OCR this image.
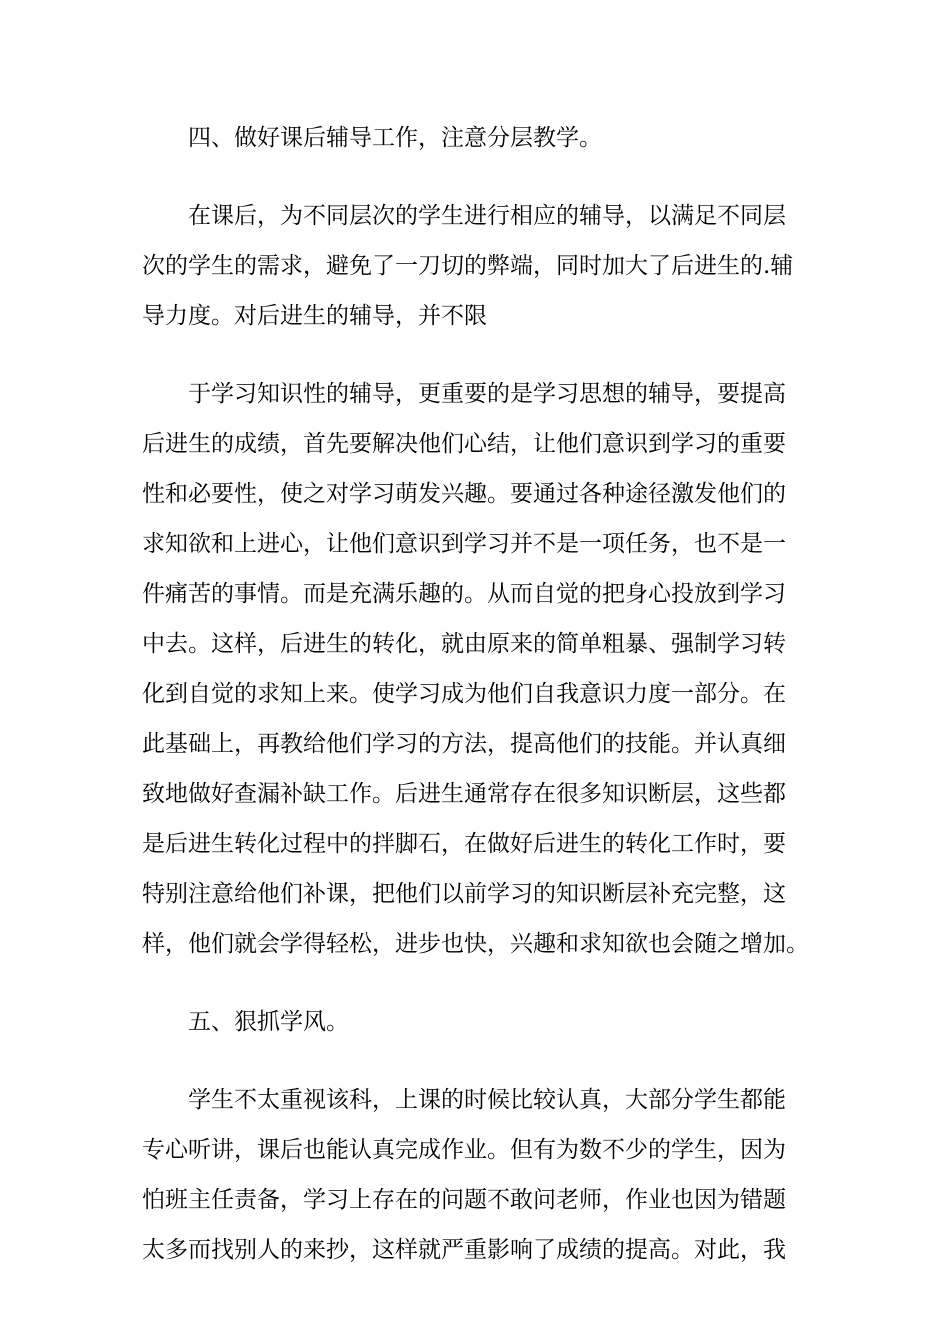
四、做好课后辅导工作，注意分层教学。
　　在课后，为不同层次的学生进行相应的辅导，以满足不同层
次的学生的需求，避免了一刀切的弊端，同时加大了后进生的.辅
导力度。对后进生的辅导，并不限
　　于学习知识性的辅导，更重要的是学习思想的辅导，要提高
后进生的成绩，首先要解决他们心结，让他们意识到学习的重要
性和必要性，使之对学习萌发兴趣。要通过各种途径激发他们的
求知欲和上进心，让他们意识到学习并不是一项任务，也不是一
件痛苦的事情。而是充满乐趣的。从而自觉的把身心投放到学习
中去。这样，后进生的转化，就由原来的简单粗暴、强制学习转
化到自觉的求知上来。使学习成为他们自我意识力度一部分。在
此基础上，再教给他们学习的方法，提高他们的技能。并认真细
致地做好查漏补缺工作。后进生通常存在很多知识断层，这些都
是后进生转化过程中的拌脚石，在做好后进生的转化工作时，要
特别注意给他们补课，把他们以前学习的知识断层补充完整，这
样，他们就会学得轻松，进步也快，兴趣和求知欲也会随之增加。
五、狠抓学风。
　　学生不太重视该科，上课的时候比较认真，大部分学生都能
专心听讲，课后也能认真完成作业。但有为数不少的学生，因为
怕班主任责备，学习上存在的问题不敢问老师，作业也因为错题
太多而找别人的来抄，这样就严重影响了成绩的提高。对此，我
